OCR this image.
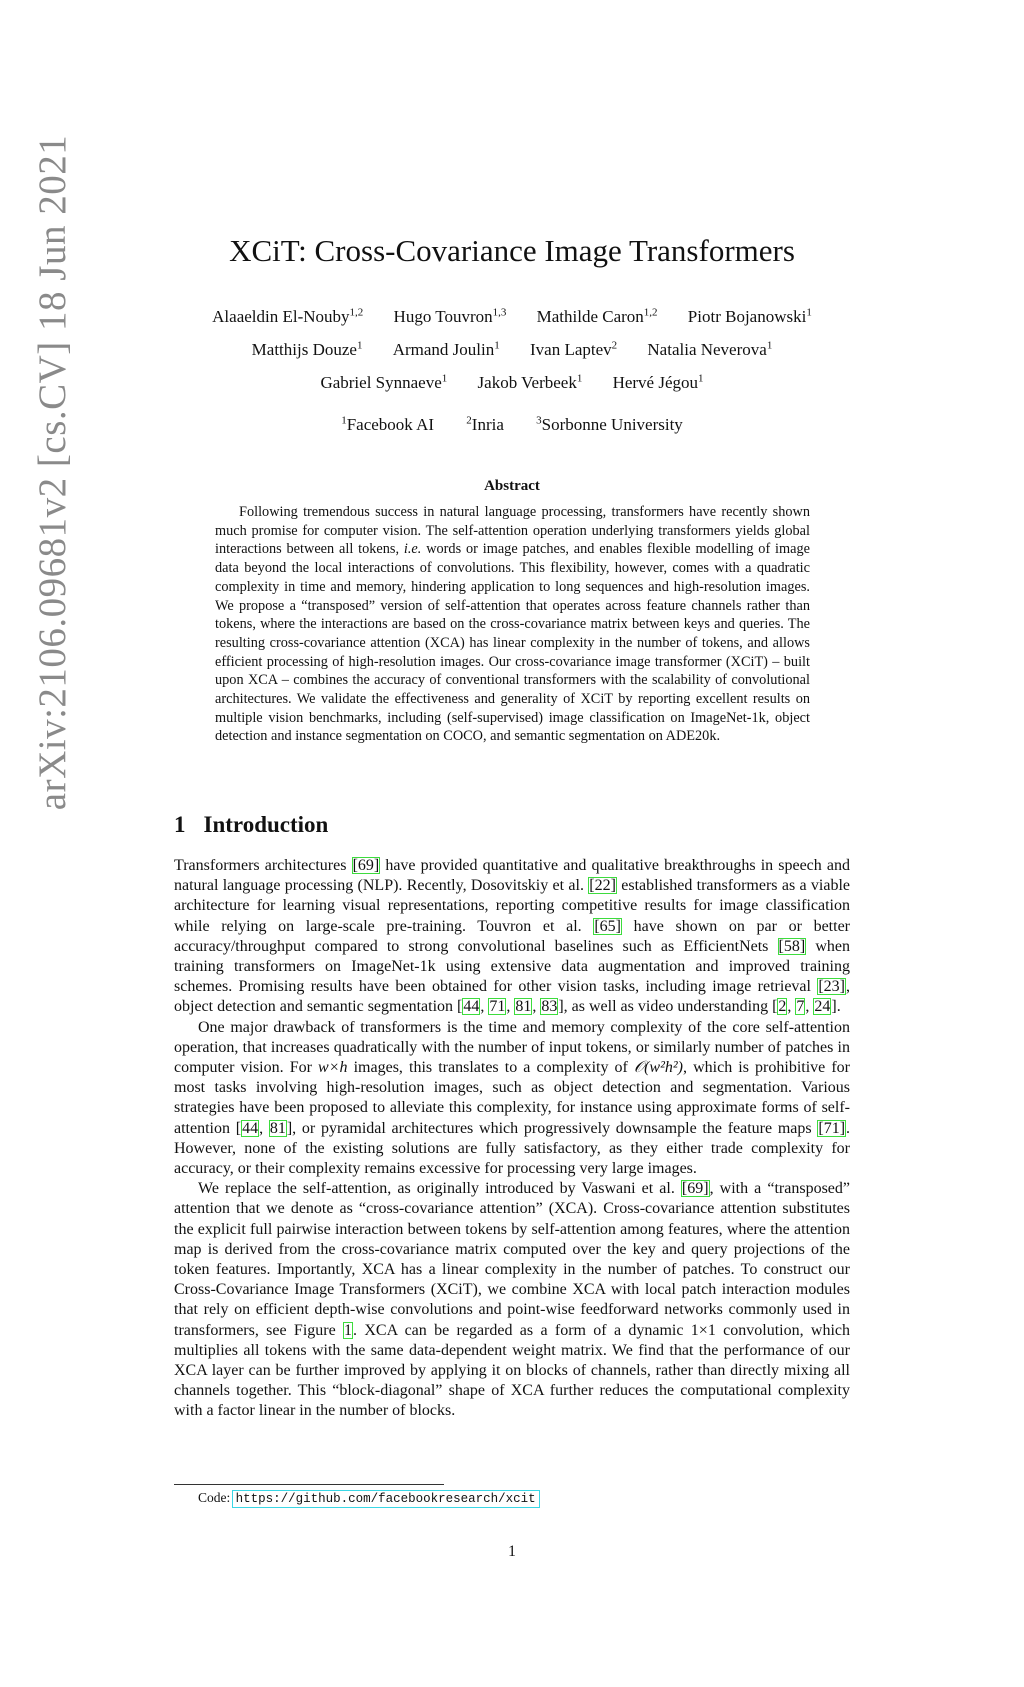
arXiv:2106.09681v2 [cs.CV] 18 Jun 2021	XCiT: Cross-Covariance Image Transformers
Alaaeldin El-Nouby$^{1,2}$ Hugo Touvron$^{1,3}$ Mathilde Caron$^{1,2}$ Piotr Bojanowski$^1$
Matthijs Douze$^1$ Armand Joulin$^1$ Ivan Laptev$^2$ Natalia Neverova$^1$
Gabriel Synnaeve$^1$ Jakob Verbeek$^1$ Hervé Jégou$^1$
$^1$Facebook AI	$^2$Inria	$^3$Sorbonne University
Abstract

Following tremendous success in natural language processing, transformers have recently shown much promise for computer vision. The self-attention operation underlying transformers yields global interactions between all tokens, i.e. words or image patches, and enables flexible modelling of image data beyond the local interactions of convolutions. This flexibility, however, comes with a quadratic complexity in time and memory, hindering application to long sequences and high-resolution images. We propose a “transposed” version of self-attention that operates across feature channels rather than tokens, where the interactions are based on the cross-covariance matrix between keys and queries. The resulting cross-covariance attention (XCA) has linear complexity in the number of tokens, and allows efficient processing of high-resolution images. Our cross-covariance image transformer (XCiT) – built upon XCA – combines the accuracy of conventional transformers with the scalability of convolutional architectures. We validate the effectiveness and generality of XCiT by reporting excellent results on multiple vision benchmarks, including (self-supervised) image classification on ImageNet-1k, object detection and instance segmentation on COCO, and semantic segmentation on ADE20k.

1 Introduction

Transformers architectures [69] have provided quantitative and qualitative breakthroughs in speech and natural language processing (NLP). Recently, Dosovitskiy et al. [22] established transformers as a viable architecture for learning visual representations, reporting competitive results for image classification while relying on large-scale pre-training. Touvron et al. [65] have shown on par or better accuracy/throughput compared to strong convolutional baselines such as EfficientNets [58] when training transformers on ImageNet-1k using extensive data augmentation and improved training schemes. Promising results have been obtained for other vision tasks, including image retrieval [23], object detection and semantic segmentation [44, 71, 81, 83], as well as video understanding [2, 7, 24].

One major drawback of transformers is the time and memory complexity of the core self-attention operation, that increases quadratically with the number of input tokens, or similarly number of patches in computer vision. For w×h images, this translates to a complexity of 𝒪(w²h²), which is prohibitive for most tasks involving high-resolution images, such as object detection and segmentation. Various strategies have been proposed to alleviate this complexity, for instance using approximate forms of self-attention [44, 81], or pyramidal architectures which progressively downsample the feature maps [71]. However, none of the existing solutions are fully satisfactory, as they either trade complexity for accuracy, or their complexity remains excessive for processing very large images.

We replace the self-attention, as originally introduced by Vaswani et al. [69], with a “transposed” attention that we denote as “cross-covariance attention” (XCA). Cross-covariance attention substitutes the explicit full pairwise interaction between tokens by self-attention among features, where the attention map is derived from the cross-covariance matrix computed over the key and query projections of the token features. Importantly, XCA has a linear complexity in the number of patches. To construct our Cross-Covariance Image Transformers (XCiT), we combine XCA with local patch interaction modules that rely on efficient depth-wise convolutions and point-wise feedforward networks commonly used in transformers, see Figure 1. XCA can be regarded as a form of a dynamic 1×1 convolution, which multiplies all tokens with the same data-dependent weight matrix. We find that the performance of our XCA layer can be further improved by applying it on blocks of channels, rather than directly mixing all channels together. This “block-diagonal” shape of XCA further reduces the computational complexity with a factor linear in the number of blocks.

Code: https://github.com/facebookresearch/xcit
1
